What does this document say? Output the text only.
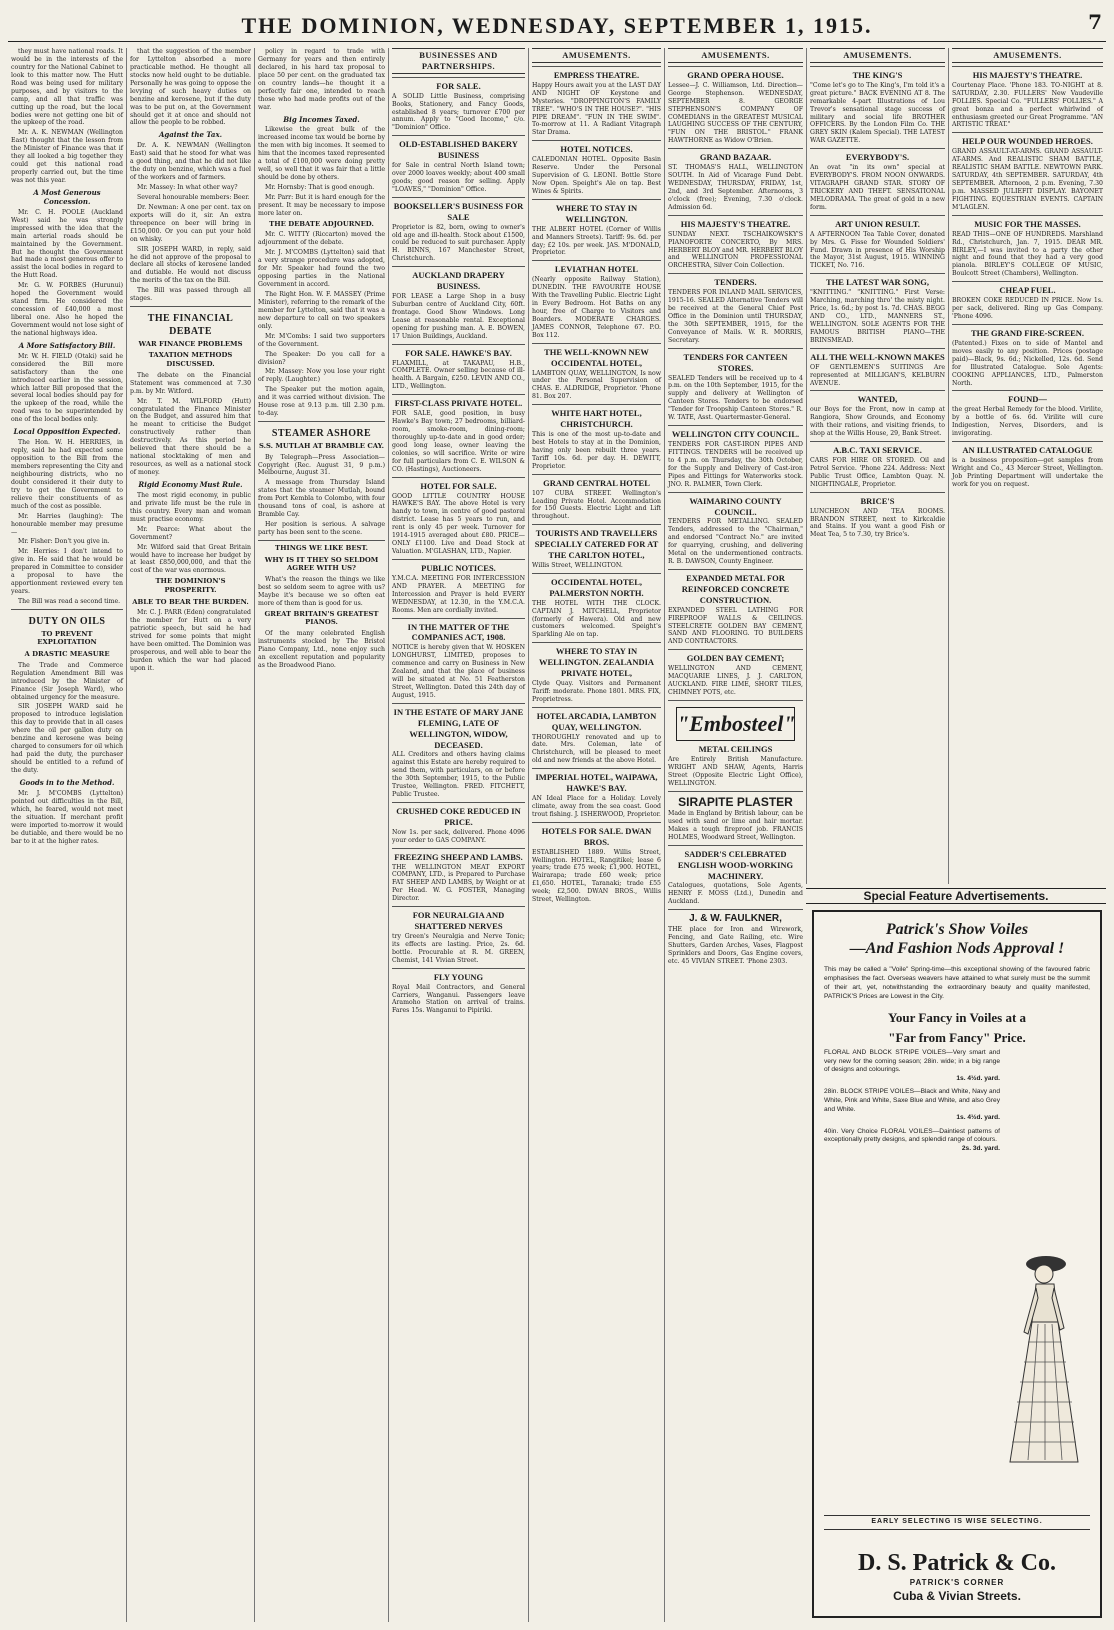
THE DOMINION, WEDNESDAY, SEPTEMBER 1, 1915.	7

they must have national roads. It would be in the interests of the country for the National Cabinet to look to this matter now. The Hutt Road was being used for military purposes, and by visitors to the camp, and all that traffic was cutting up the road, but the local bodies were not getting one bit of the upkeep of the road.

Mr. A. K. NEWMAN (Wellington East) thought that the lesson from the Minister of Finance was that if they all looked a big together they could get this national road properly carried out, but the time was not this year.

A Most Generous Concession.

Mr. C. H. POOLE (Auckland West) said he was strongly impressed with the idea that the main arterial roads should be maintained by the Government. But he thought the Government had made a most generous offer to assist the local bodies in regard to the Hutt Road.

Mr. G. W. FORBES (Hurunui) hoped the Government would stand firm. He considered the concession of £40,000 a most liberal one. Also he hoped the Government would not lose sight of the national highways idea.

A More Satisfactory Bill.

Mr. W. H. FIELD (Otaki) said he considered the Bill more satisfactory than the one introduced earlier in the session, which latter Bill proposed that the several local bodies should pay for the upkeep of the road, while the road was to be superintended by one of the local bodies only.

Local Opposition Expected.

The Hon. W. H. HERRIES, in reply, said he had expected some opposition to the Bill from the members representing the City and neighbouring districts, who no doubt considered it their duty to try to get the Government to relieve their constituents of as much of the cost as possible.

Mr. Harries (laughing): The honourable member may presume—

Mr. Fisher: Don't you give in.

Mr. Herries: I don't intend to give in. He said that he would be prepared in Committee to consider a proposal to have the apportionment reviewed every ten years.

The Bill was read a second time.

DUTY ON OILS
TO PREVENT EXPLOITATION
A DRASTIC MEASURE

The Trade and Commerce Regulation Amendment Bill was introduced by the Minister of Finance (Sir Joseph Ward), who obtained urgency for the measure.

SIR JOSEPH WARD said he proposed to introduce legislation this day to provide that in all cases where the oil per gallon duty on benzine and kerosene was being charged to consumers for oil which had paid the duty, the purchaser should be entitled to a refund of the duty.

Goods in to the Method.

Mr. J. M'COMBS (Lyttelton) pointed out difficulties in the Bill, which, he feared, would not meet the situation. If merchant profit were imported to-morrow it would be dutiable, and there would be no bar to it at the higher rates.

that the suggestion of the member for Lyttelton absorbed a more practicable method. He thought all stocks now held ought to be dutiable. Personally he was going to oppose the levying of such heavy duties on benzine and kerosene, but if the duty was to be put on, at the Government should get it at once and should not allow the people to be robbed.

Against the Tax.

Dr. A. K. NEWMAN (Wellington East) said that he stood for what was a good thing, and that he did not like the duty on benzine, which was a fuel of the workers and of farmers.

Mr. Massey: In what other way?

Several honourable members: Beer.

Dr. Newman: A one per cent. tax on exports will do it, sir. An extra threepence on beer will bring in £150,000. Or you can put your hold on whisky.

SIR JOSEPH WARD, in reply, said he did not approve of the proposal to declare all stocks of kerosene landed and dutiable. He would not discuss the merits of the tax on the Bill.

The Bill was passed through all stages.

THE FINANCIAL DEBATE
WAR FINANCE PROBLEMS
TAXATION METHODS DISCUSSED.

The debate on the Financial Statement was commenced at 7.30 p.m. by Mr. Witford.

Mr. T. M. WILFORD (Hutt) congratulated the Finance Minister on the Budget, and assured him that he meant to criticise the Budget constructively rather than destructively. As this period he believed that there should be a national stocktaking of men and resources, as well as a national stock of money.

Rigid Economy Must Rule.

The most rigid economy, in public and private life must be the rule in this country. Every man and woman must practise economy.

Mr. Pearce: What about the Government?

Mr. Wilford said that Great Britain would have to increase her budget by at least £850,000,000, and that the cost of the war was enormous.

THE DOMINION'S PROSPERITY.
ABLE TO BEAR THE BURDEN.

Mr. C. J. PARR (Eden) congratulated the member for Hutt on a very patriotic speech, but said he had strived for some points that might have been omitted. The Dominion was prosperous, and well able to bear the burden which the war had placed upon it.

policy in regard to trade with Germany for years and then entirely declared, in his hard tax proposal to place 50 per cent. on the graduated tax on country lands—he thought it a perfectly fair one, intended to reach those who had made profits out of the war.

Big Incomes Taxed.

Likewise the great bulk of the increased income tax would be borne by the men with big incomes. It seemed to him that the incomes taxed represented a total of £100,000 were doing pretty well, so well that it was fair that a little should be done by others.

Mr. Hornsby: That is good enough.

Mr. Parr: But it is hard enough for the present. It may be necessary to impose more later on.

THE DEBATE ADJOURNED.

Mr. C. WITTY (Riccarton) moved the adjournment of the debate.

Mr. J. M'COMBS (Lyttelton) said that a very strange procedure was adopted, for Mr. Speaker had found the two opposing parties in the National Government in accord.

The Right Hon. W. F. MASSEY (Prime Minister), referring to the remark of the member for Lyttelton, said that it was a new departure to call on two speakers only.

Mr. M'Combs: I said two supporters of the Government.

The Speaker: Do you call for a division?

Mr. Massey: Now you lose your right of reply. (Laughter.)

The Speaker put the motion again, and it was carried without division. The House rose at 9.13 p.m. till 2.30 p.m. to-day.

STEAMER ASHORE
S.S. MUTLAH AT BRAMBLE CAY.

By Telegraph—Press Association—Copyright (Rec. August 31, 9 p.m.) Melbourne, August 31.

A message from Thursday Island states that the steamer Mutlah, bound from Port Kembla to Colombo, with four thousand tons of coal, is ashore at Bramble Cay.

Her position is serious. A salvage party has been sent to the scene.

THINGS WE LIKE BEST.
WHY IS IT THEY SO SELDOM AGREE WITH US?

What's the reason the things we like best so seldom seem to agree with us? Maybe it's because we so often eat more of them than is good for us.

GREAT BRITAIN'S GREATEST PIANOS.

Of the many celebrated English instruments stocked by The Bristol Piano Company, Ltd., none enjoy such an excellent reputation and popularity as the Broadwood Piano.

BUSINESSES AND PARTNERSHIPS.
FOR SALE.
A SOLID Little Business, comprising Books, Stationery, and Fancy Goods, established 8 years; turnover £700 per annum. Apply to "Good Income," c/o. "Dominion" Office.
OLD-ESTABLISHED BAKERY BUSINESS
for Sale in central North Island town; over 2000 loaves weekly; about 400 small goods; good reason for selling. Apply "LOAVES," "Dominion" Office.
BOOKSELLER'S BUSINESS FOR SALE
Proprietor is 82, born, owing to owner's old age and ill-health. Stock about £1500, could be reduced to suit purchaser. Apply H. BINNS, 167 Manchester Street, Christchurch.
AUCKLAND DRAPERY BUSINESS.
FOR LEASE a Large Shop in a busy Suburban centre of Auckland City, 60ft. frontage. Good Show Windows. Long Lease at reasonable rental. Exceptional opening for pushing man. A. E. BOWEN, 17 Union Buildings, Auckland.
FOR SALE. HAWKE'S BAY.
FLAXMILL, at TAKAPAU, H.B., COMPLETE. Owner selling because of ill-health. A Bargain, £250. LEVIN AND CO., LTD., Wellington.
FIRST-CLASS PRIVATE HOTEL.
FOR SALE, good position, in busy Hawke's Bay town; 27 bedrooms, billiard-room, smoke-room, dining-room; thoroughly up-to-date and in good order; good long lease, owner leaving the colonies, so will sacrifice. Write or wire for full particulars from C. E. WILSON & CO. (Hastings), Auctioneers.
HOTEL FOR SALE.
GOOD LITTLE COUNTRY HOUSE HAWKE'S BAY. The above Hotel is very handy to town, in centre of good pastoral district. Lease has 5 years to run, and rent is only 45 per week. Turnover for 1914-1915 averaged about £80. PRICE—ONLY £1100. Live and Dead Stock at Valuation. M'GLASHAN, LTD., Napier.
PUBLIC NOTICES.
Y.M.C.A. MEETING FOR INTERCESSION AND PRAYER. A MEETING for Intercession and Prayer is held EVERY WEDNESDAY, at 12.30, in the Y.M.C.A. Rooms. Men are cordially invited.
IN THE MATTER OF THE COMPANIES ACT, 1908.
NOTICE is hereby given that W. HOSKEN LONGHURST, LIMITED, proposes to commence and carry on Business in New Zealand, and that the place of business will be situated at No. 51 Featherston Street, Wellington. Dated this 24th day of August, 1915.
IN THE ESTATE OF MARY JANE FLEMING, LATE OF WELLINGTON, WIDOW, DECEASED.
ALL Creditors and others having claims against this Estate are hereby required to send them, with particulars, on or before the 30th September, 1915, to the Public Trustee, Wellington. FRED. FITCHETT, Public Trustee.
CRUSHED COKE REDUCED IN PRICE.
Now 1s. per sack, delivered. Phone 4096 your order to GAS COMPANY.
FREEZING SHEEP AND LAMBS.
THE WELLINGTON MEAT EXPORT COMPANY, LTD., is Prepared to Purchase FAT SHEEP AND LAMBS, by Weight or at Per Head. W. G. FOSTER, Managing Director.
FOR NEURALGIA AND SHATTERED NERVES
try Green's Neuralgia and Nerve Tonic; its effects are lasting. Price, 2s. 6d. bottle. Procurable at R. M. GREEN, Chemist, 141 Vivian Street.
FLY YOUNG
Royal Mail Contractors, and General Carriers, Wanganui. Passengers leave Aramoho Station on arrival of trains. Fares 15s. Wanganui to Pipiriki.
AMUSEMENTS.
EMPRESS THEATRE.
Happy Hours await you at the LAST DAY AND NIGHT OF Keystone and Mysteries. "DROPPINGTON'S FAMILY TREE". "WHO'S IN THE HOUSE?". "HIS PIPE DREAM". "FUN IN THE SWIM". To-morrow at 11. A Radiant Vitagraph Star Drama.
HOTEL NOTICES.
CALEDONIAN HOTEL. Opposite Basin Reserve. Under the Personal Supervision of G. LEONI. Bottle Store Now Open. Speight's Ale on tap. Best Wines & Spirits.
WHERE TO STAY IN WELLINGTON.
THE ALBERT HOTEL (Corner of Willis and Manners Streets). Tariff: 9s. 6d. per day; £2 10s. per week. JAS. M'DONALD, Proprietor.
LEVIATHAN HOTEL
(Nearly opposite Railway Station), DUNEDIN. THE FAVOURITE HOUSE With the Travelling Public. Electric Light in Every Bedroom. Hot Baths on any hour, free of Charge to Visitors and Boarders. MODERATE CHARGES. JAMES CONNOR, Telephone 67. P.O. Box 112.
THE WELL-KNOWN NEW OCCIDENTAL HOTEL,
LAMBTON QUAY, WELLINGTON, Is now under the Personal Supervision of CHAS. E. ALDRIDGE, Proprietor. 'Phone 81. Box 207.
WHITE HART HOTEL, CHRISTCHURCH.
This is one of the most up-to-date and best Hotels to stay at in the Dominion, having only been rebuilt three years. Tariff 10s. 6d. per day. H. DEWITT, Proprietor.
GRAND CENTRAL HOTEL
107 CUBA STREET. Wellington's Leading Private Hotel. Accommodation for 150 Guests. Electric Light and Lift throughout.
TOURISTS AND TRAVELLERS SPECIALLY CATERED FOR AT THE CARLTON HOTEL,
Willis Street, WELLINGTON.
OCCIDENTAL HOTEL, PALMERSTON NORTH.
THE HOTEL WITH THE CLOCK. CAPTAIN J. MITCHELL, Proprietor (formerly of Hawera). Old and new customers welcomed. Speight's Sparkling Ale on tap.
WHERE TO STAY IN WELLINGTON. ZEALANDIA PRIVATE HOTEL,
Clyde Quay. Visitors and Permanent Tariff: moderate. Phone 1801. MRS. FIX, Proprietress.
HOTEL ARCADIA, LAMBTON QUAY, WELLINGTON.
THOROUGHLY renovated and up to date. Mrs. Coleman, late of Christchurch, will be pleased to meet old and new friends at the above Hotel.
IMPERIAL HOTEL, WAIPAWA, HAWKE'S BAY.
AN Ideal Place for a Holiday. Lovely climate, away from the sea coast. Good trout fishing. J. ISHERWOOD, Proprietor.
HOTELS FOR SALE. DWAN BROS.
ESTABLISHED 1889. Willis Street, Wellington. HOTEL, Rangitikei; lease 6 years; trade £75 week; £1,900. HOTEL, Wairarapa; trade £60 week; price £1,650. HOTEL, Taranaki; trade £55 week; £2,500. DWAN BROS., Willis Street, Wellington.
AMUSEMENTS.
GRAND OPERA HOUSE.
Lessee—J. C. Williamson, Ltd. Direction—George Stephenson. WEDNESDAY, SEPTEMBER 8. GEORGE STEPHENSON'S COMPANY OF COMEDIANS in the GREATEST MUSICAL LAUGHING SUCCESS OF THE CENTURY, "FUN ON THE BRISTOL." FRANK HAWTHORNE as Widow O'Brien.
GRAND BAZAAR.
ST. THOMAS'S HALL, WELLINGTON SOUTH. In Aid of Vicarage Fund Debt. WEDNESDAY, THURSDAY, FRIDAY, 1st, 2nd, and 3rd September. Afternoons, 3 o'clock (free); Evening, 7.30 o'clock. Admission 6d.
HIS MAJESTY'S THEATRE.
SUNDAY NEXT. TSCHAIKOWSKY'S PIANOFORTE CONCERTO, By MRS. HERBERT BLOY and MR. HERBERT BLOY and WELLINGTON PROFESSIONAL ORCHESTRA, Silver Coin Collection.
TENDERS.
TENDERS FOR INLAND MAIL SERVICES, 1915-16. SEALED Alternative Tenders will be received at the General Chief Post Office in the Dominion until THURSDAY, the 30th SEPTEMBER, 1915, for the Conveyance of Mails. W. R. MORRIS, Secretary.
TENDERS FOR CANTEEN STORES.
SEALED Tenders will be received up to 4 p.m. on the 10th September, 1915, for the supply and delivery at Wellington of Canteen Stores. Tenders to be endorsed "Tender for Troopship Canteen Stores." R. W. TATE, Asst. Quartermaster-General.
WELLINGTON CITY COUNCIL.
TENDERS FOR CAST-IRON PIPES AND FITTINGS. TENDERS will be received up to 4 p.m. on Thursday, the 30th October, for the Supply and Delivery of Cast-iron Pipes and Fittings for Waterworks stock. JNO. R. PALMER, Town Clerk.
WAIMARINO COUNTY COUNCIL.
TENDERS FOR METALLING. SEALED Tenders, addressed to the "Chairman," and endorsed "Contract No." are invited for quarrying, crushing, and delivering Metal on the undermentioned contracts. R. B. DAWSON, County Engineer.
EXPANDED METAL FOR REINFORCED CONCRETE CONSTRUCTION.
EXPANDED STEEL LATHING FOR FIREPROOF WALLS & CEILINGS. STEELCRETE GOLDEN BAY CEMENT, SAND AND FLOORING. TO BUILDERS AND CONTRACTORS.
GOLDEN BAY CEMENT;
WELLINGTON AND CEMENT, MACQUARIE LINES, J. J. CARLTON, AUCKLAND. FIRE LIME, SHORT TILES, CHIMNEY POTS, etc.
"Embosteel"
METAL CEILINGS
Are Entirely British Manufacture. WRIGHT AND SHAW, Agents, Harris Street (Opposite Electric Light Office), WELLINGTON.
SIRAPITE PLASTER
Made in England by British labour, can be used with sand or lime and hair mortar. Makes a tough fireproof job. FRANCIS HOLMES, Woodward Street, Wellington.
SADDER'S CELEBRATED ENGLISH WOOD-WORKING MACHINERY.
Catalogues, quotations, Sole Agents, HENRY F. MOSS (Ltd.), Dunedin and Auckland.
J. & W. FAULKNER,
THE place for Iron and Wirework, Fencing, and Gate Railing, etc. Wire Shutters, Garden Arches, Vases, Flagpost Sprinklers and Doors, Gas Engine covers, etc. 45 VIVIAN STREET. 'Phone 2303.
AMUSEMENTS.
THE KING'S
"Come let's go to The King's, I'm told it's a great picture." BACK EVENING AT 8. The remarkable 4-part Illustrations of Lou Trevor's sensational stage success of military and social life BROTHER OFFICERS. By the London Film Co. THE GREY SKIN (Kalem Special). THE LATEST WAR GAZETTE.
EVERYBODY'S.
An ovat "in its own" special at EVERYBODY'S. FROM NOON ONWARDS. VITAGRAPH GRAND STAR. STORY OF TRICKERY AND THEFT. SENSATIONAL MELODRAMA. The great of gold in a new form.
ART UNION RESULT.
A AFTERNOON Tea Table Cover, donated by Mrs. G. Fisse for Wounded Soldiers' Fund. Drawn in presence of His Worship the Mayor, 31st August, 1915. WINNING TICKET, No. 716.
THE LATEST WAR SONG,
"KNITTING." "KNITTING." First Verse: Marching, marching thro' the misty night. Price, 1s. 6d.; by post 1s. 7d. CHAS. BEGG AND CO., LTD., MANNERS ST., WELLINGTON. SOLE AGENTS FOR THE FAMOUS BRITISH PIANO—THE BRINSMEAD.
ALL THE WELL-KNOWN MAKES
OF GENTLEMEN'S SUITINGS Are represented at MILLIGAN'S, KELBURN AVENUE.
WANTED,
our Boys for the Front, now in camp at Rangiora, Show Grounds, and Economy with their rations, and visiting friends, to shop at the Willis House, 29, Bank Street.
A.B.C. TAXI SERVICE.
CARS FOR HIRE OR STORED. Oil and Petrol Service. 'Phone 224. Address: Next Public Trust Office, Lambton Quay. N. NIGHTINGALE, Proprietor.
BRICE'S
LUNCHEON AND TEA ROOMS. BRANDON STREET, next to Kirkcaldie and Stains. If you want a good Fish or Meat Tea, 5 to 7.30, try Brice's.
AMUSEMENTS.
HIS MAJESTY'S THEATRE.
Courtenay Place. 'Phone 183. TO-NIGHT at 8. SATURDAY, 2.30. FULLERS' New Vaudeville FOLLIES. Special Co. "FULLERS' FOLLIES." A great bonza and a perfect whirlwind of enthusiasm greeted our Great Programme. "AN ARTISTIC TREAT."
HELP OUR WOUNDED HEROES.
GRAND ASSAULT-AT-ARMS. GRAND ASSAULT-AT-ARMS. And REALISTIC SHAM BATTLE, REALISTIC SHAM BATTLE. NEWTOWN PARK. SATURDAY, 4th SEPTEMBER. SATURDAY, 4th SEPTEMBER. Afternoon, 2 p.m. Evening, 7.30 p.m. MASSED JULIEFIT DISPLAY. BAYONET FIGHTING. EQUESTRIAN EVENTS. CAPTAIN M'LAGLEN.
MUSIC FOR THE MASSES.
READ THIS—ONE OF HUNDREDS. Marshland Rd., Christchurch, Jan. 7, 1915. DEAR MR. BIRLEY,—I was invited to a party the other night and found that they had a very good pianola. BIRLEY'S COLLEGE OF MUSIC, Boulcott Street (Chambers), Wellington.
CHEAP FUEL.
BROKEN COKE REDUCED IN PRICE. Now 1s. per sack, delivered. Ring up Gas Company. 'Phone 4096.
THE GRAND FIRE-SCREEN.
(Patented.) Fixes on to side of Mantel and moves easily to any position. Prices (postage paid)—Black, 9s. 6d.; Nickelled, 12s. 6d. Send for Illustrated Catalogue. Sole Agents: COOKING APPLIANCES, LTD., Palmerston North.
FOUND—
the great Herbal Remedy for the blood. Virilite, by a bottle of 6s. 6d. Virilite will cure Indigestion, Nerves, Disorders, and is invigorating.
AN ILLUSTRATED CATALOGUE
is a business proposition—get samples from Wright and Co., 43 Mercer Street, Wellington. Job Printing Department will undertake the work for you on request.
Special Feature Advertisements.
Patrick's Show Voiles
—And Fashion Nods Approval !
This may be called a "Voile" Spring-time—this exceptional showing of the favoured fabric emphasises the fact. Overseas weavers have attained to what surely must be the summit of their art, yet, notwithstanding the extraordinary beauty and quality manifested, PATRICK'S Prices are Lowest in the City.
Your Fancy in Voiles at a
"Far from Fancy" Price.
FLORAL AND BLOCK STRIPE VOILES—Very smart and very new for the coming season; 28in. wide; in a big range of designs and colourings.
1s. 4½d. yard.
28in. BLOCK STRIPE VOILES—Black and White, Navy and White, Pink and White, Saxe Blue and White, and also Grey and White.
1s. 4½d. yard.
40in. Very Choice FLORAL VOILES—Daintiest patterns of exceptionally pretty designs, and splendid range of colours.
2s. 3d. yard.
EARLY SELECTING IS WISE SELECTING.
D. S. Patrick & Co.
PATRICK'S CORNER
Cuba & Vivian Streets.
